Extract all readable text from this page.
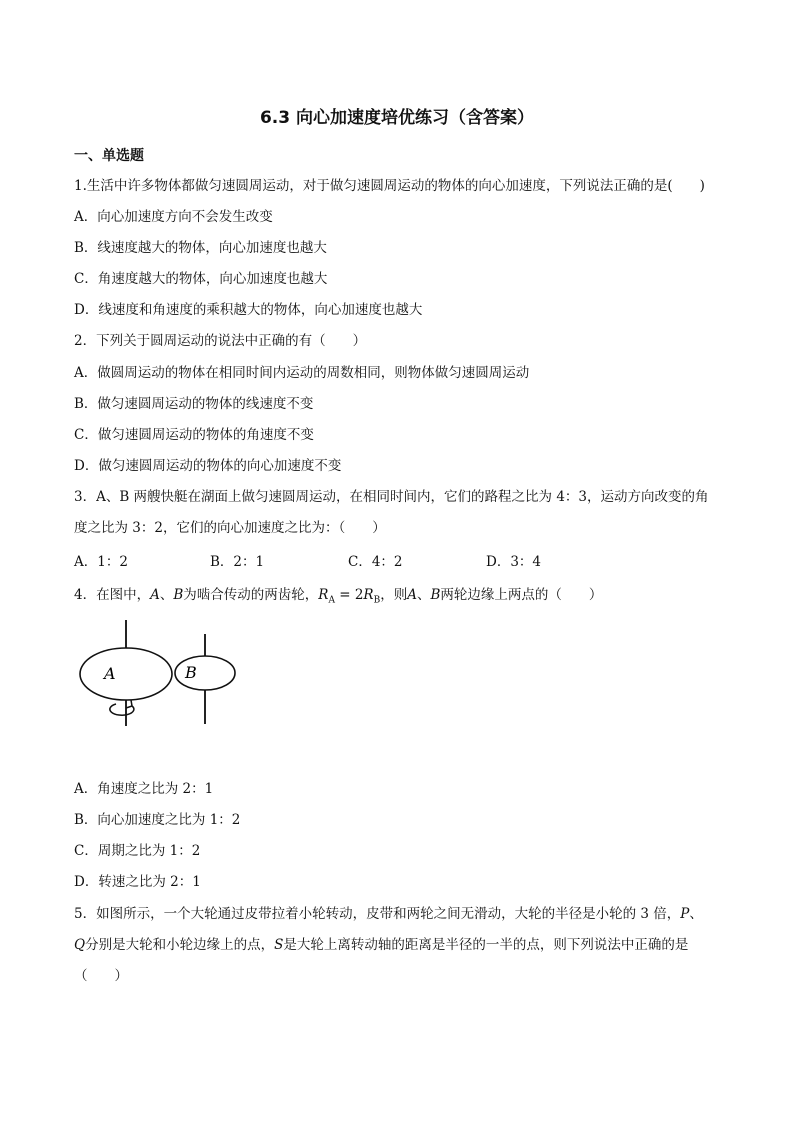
6.3 向心加速度培优练习（含答案）
一、单选题
1.生活中许多物体都做匀速圆周运动，对于做匀速圆周运动的物体的向心加速度，下列说法正确的是(　　)
A．向心加速度方向不会发生改变
B．线速度越大的物体，向心加速度也越大
C．角速度越大的物体，向心加速度也越大
D．线速度和角速度的乘积越大的物体，向心加速度也越大
2．下列关于圆周运动的说法中正确的有（　　）
A．做圆周运动的物体在相同时间内运动的周数相同，则物体做匀速圆周运动
B．做匀速圆周运动的物体的线速度不变
C．做匀速圆周运动的物体的角速度不变
D．做匀速圆周运动的物体的向心加速度不变
3．A、B 两艘快艇在湖面上做匀速圆周运动，在相同时间内，它们的路程之比为 4：3，运动方向改变的角
度之比为 3：2，它们的向心加速度之比为：（　　）
A．1：2	B．2：1	C．4：2	D．3：4
4．在图中，A、B为啮合传动的两齿轮，$R_A = 2R_B$，则A、B两轮边缘上两点的（　　）
A	B
A．角速度之比为 2：1
B．向心加速度之比为 1：2
C．周期之比为 1：2
D．转速之比为 2：1
5．如图所示，一个大轮通过皮带拉着小轮转动，皮带和两轮之间无滑动，大轮的半径是小轮的 3 倍，P、
Q分别是大轮和小轮边缘上的点，S是大轮上离转动轴的距离是半径的一半的点，则下列说法中正确的是
（　　）
